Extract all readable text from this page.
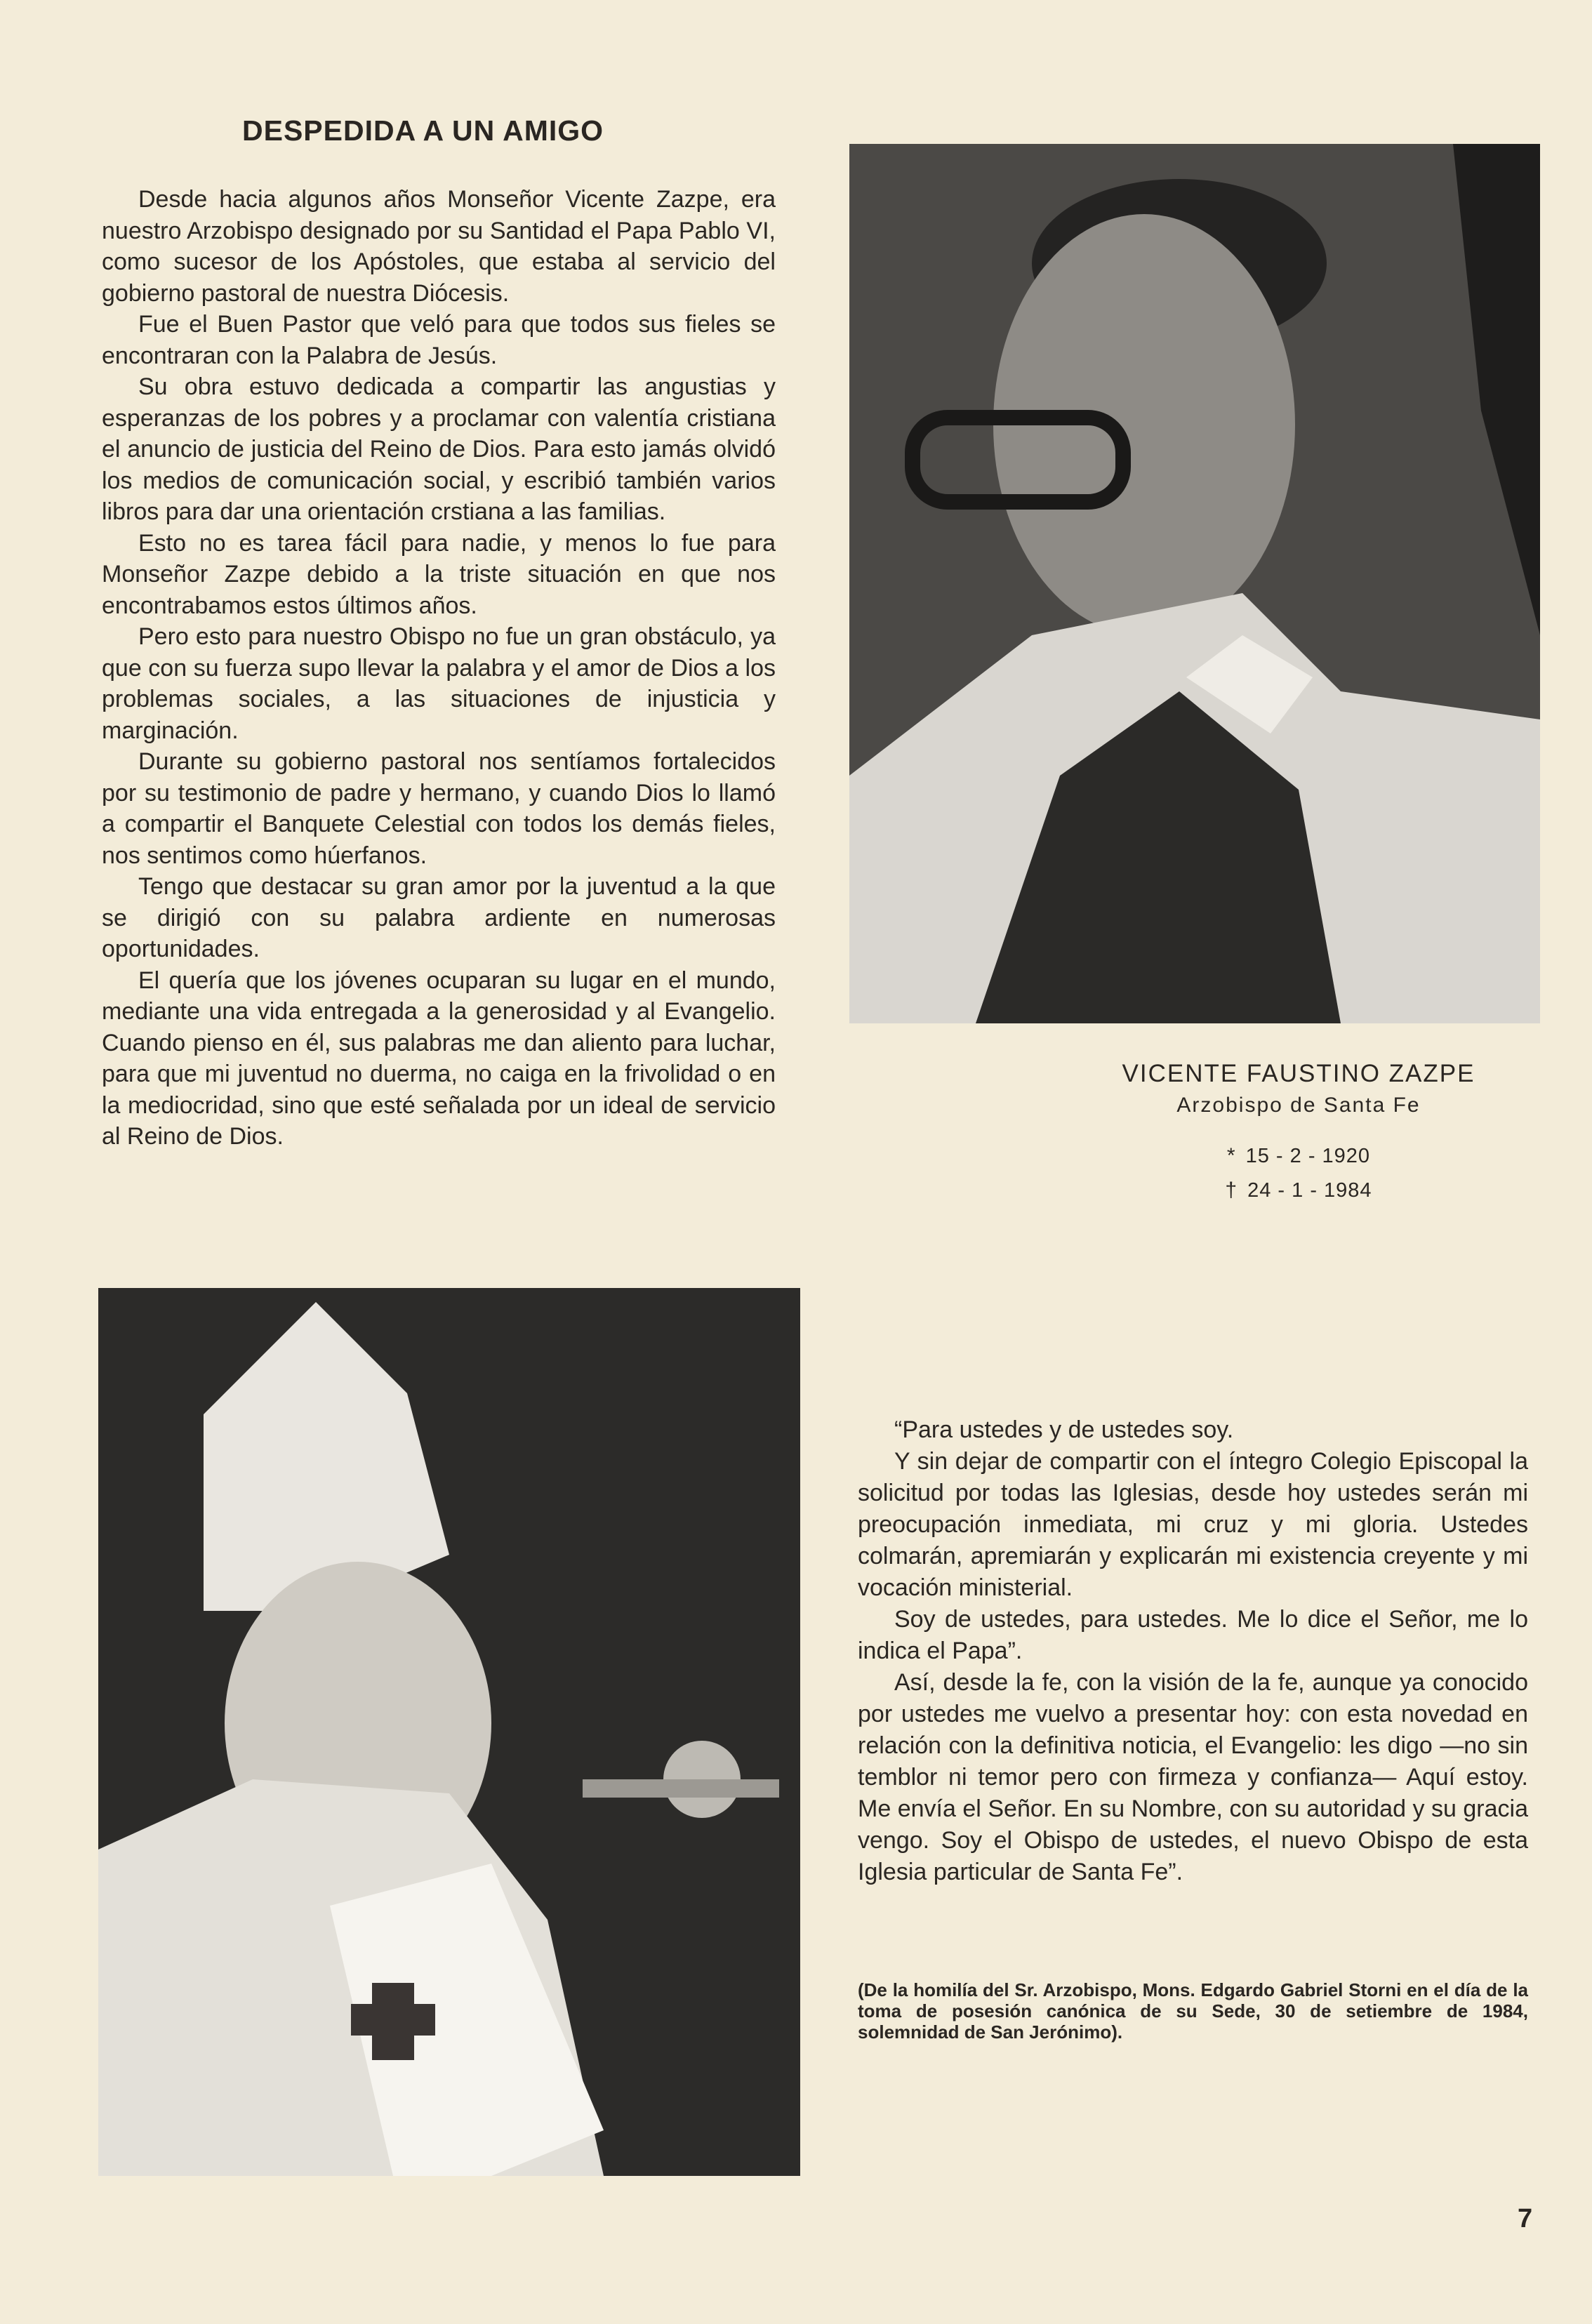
DESPEDIDA A UN AMIGO

Desde hacia algunos años Monseñor Vicente Zazpe, era nuestro Arzobispo designado por su Santidad el Papa Pablo VI, como sucesor de los Apóstoles, que estaba al servicio del gobierno pastoral de nuestra Diócesis.

Fue el Buen Pastor que veló para que todos sus fieles se encontraran con la Palabra de Jesús.

Su obra estuvo dedicada a compartir las angustias y esperanzas de los pobres y a proclamar con valentía cristiana el anuncio de justicia del Reino de Dios. Para esto jamás olvidó los medios de comunicación social, y escribió también varios libros para dar una orientación crstiana a las familias.

Esto no es tarea fácil para nadie, y menos lo fue para Monseñor Zazpe debido a la triste situación en que nos encontrabamos estos últimos años.

Pero esto para nuestro Obispo no fue un gran obstáculo, ya que con su fuerza supo llevar la palabra y el amor de Dios a los problemas sociales, a las situaciones de injusticia y marginación.

Durante su gobierno pastoral nos sentíamos fortalecidos por su testimonio de padre y hermano, y cuando Dios lo llamó a compartir el Banquete Celestial con todos los demás fieles, nos sentimos como húerfanos.

Tengo que destacar su gran amor por la juventud a la que se dirigió con su palabra ardiente en numerosas oportunidades.

El quería que los jóvenes ocuparan su lugar en el mundo, mediante una vida entregada a la generosidad y al Evangelio. Cuando pienso en él, sus palabras me dan aliento para luchar, para que mi juventud no duerma, no caiga en la frivolidad o en la mediocridad, sino que esté señalada por un ideal de servicio al Reino de Dios.

VICENTE FAUSTINO ZAZPE
Arzobispo de Santa Fe
* 15 - 2 - 1920
† 24 - 1 - 1984

“Para ustedes y de ustedes soy.

Y sin dejar de compartir con el íntegro Colegio Episcopal la solicitud por todas las Iglesias, desde hoy ustedes serán mi preocupación inmediata, mi cruz y mi gloria. Ustedes colmarán, apremiarán y explicarán mi existencia creyente y mi vocación ministerial.

Soy de ustedes, para ustedes. Me lo dice el Señor, me lo indica el Papa”.

Así, desde la fe, con la visión de la fe, aunque ya conocido por ustedes me vuelvo a presentar hoy: con esta novedad en relación con la definitiva noticia, el Evangelio: les digo —no sin temblor ni temor pero con firmeza y confianza— Aquí estoy. Me envía el Señor. En su Nombre, con su autoridad y su gracia vengo. Soy el Obispo de ustedes, el nuevo Obispo de esta Iglesia particular de Santa Fe”.

(De la homilía del Sr. Arzobispo, Mons. Edgardo Gabriel Storni en el día de la toma de posesión canónica de su Sede, 30 de setiembre de 1984, solemnidad de San Jerónimo).
7
